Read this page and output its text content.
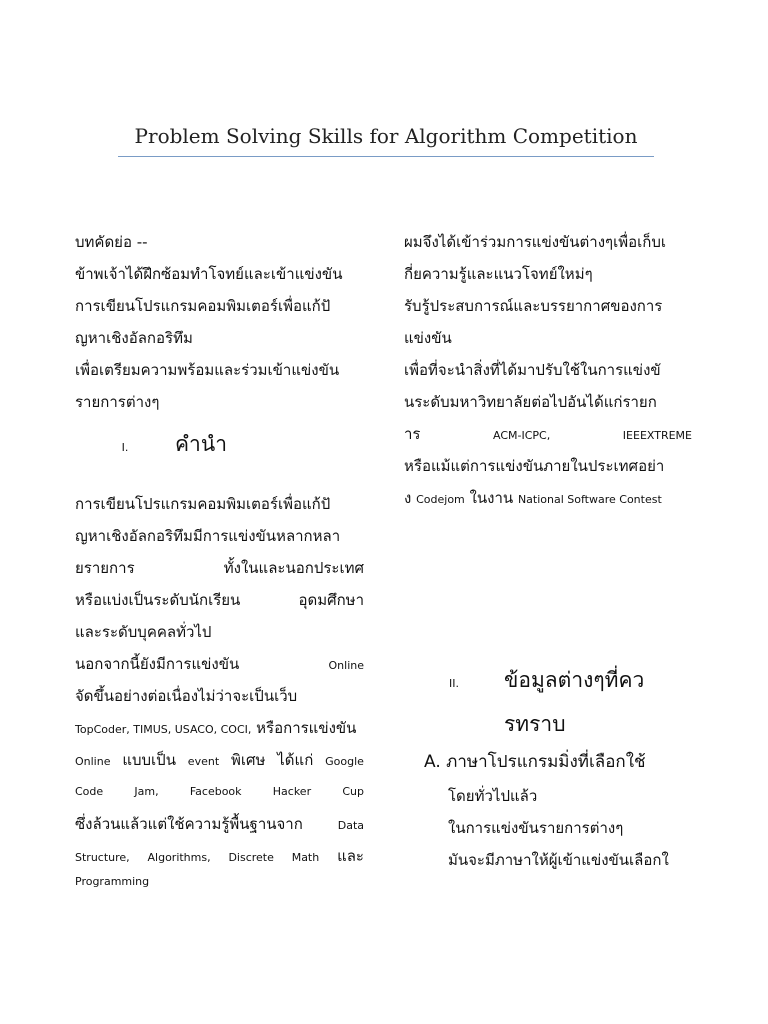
Problem Solving Skills for Algorithm Competition
บทคัดย่อ --
ข้าพเจ้าได้ฝึกซ้อมทำโจทย์และเข้าแข่งขัน
การเขียนโปรแกรมคอมพิมเตอร์เพื่อแก้ปั
ญหาเชิงอัลกอริทึม
เพื่อเตรียมความพร้อมและร่วมเข้าแข่งขัน
รายการต่างๆ
I.	คำนำ
การเขียนโปรแกรมคอมพิมเตอร์เพื่อแก้ปั
ญหาเชิงอัลกอริทึมมีการแข่งขันหลากหลา
ยรายการ	ทั้งในและนอกประเทศ
หรือแบ่งเป็นระดับนักเรียน	อุดมศึกษา
และระดับบุคคลทั่วไป
นอกจากนี้ยังมีการแข่งขัน	Online
จัดขึ้นอย่างต่อเนื่องไม่ว่าจะเป็นเว็บ
TopCoder, TIMUS, USACO, COCI, หรือการแข่งขัน
Online แบบเป็น event พิเศษ ได้แก่ Google
Code	Jam,	Facebook	Hacker	Cup
ซึ่งล้วนแล้วแต่ใช้ความรู้พื้นฐานจาก	Data
Structure, Algorithms, Discrete Math และ
Programming
ผมจึงได้เข้าร่วมการแข่งขันต่างๆเพื่อเก็บเ
กี่ยความรู้และแนวโจทย์ใหม่ๆ
รับรู้ประสบการณ์และบรรยากาศของการ
แข่งขัน
เพื่อที่จะนำสิ่งที่ได้มาปรับใช้ในการแข่งขั
นระดับมหาวิทยาลัยต่อไปอันได้แก่รายก
าร	ACM-ICPC,	IEEEXTREME
หรือแม้แต่การแข่งขันภายในประเทศอย่า
ง Codejom ในงาน National Software Contest
II.	ข้อมูลต่างๆที่คว
รทราบ
A. ภาษาโปรแกรมมิ่งที่เลือกใช้
โดยทั่วไปแล้ว
ในการแข่งขันรายการต่างๆ
มันจะมีภาษาให้ผู้เข้าแข่งขันเลือกใ
